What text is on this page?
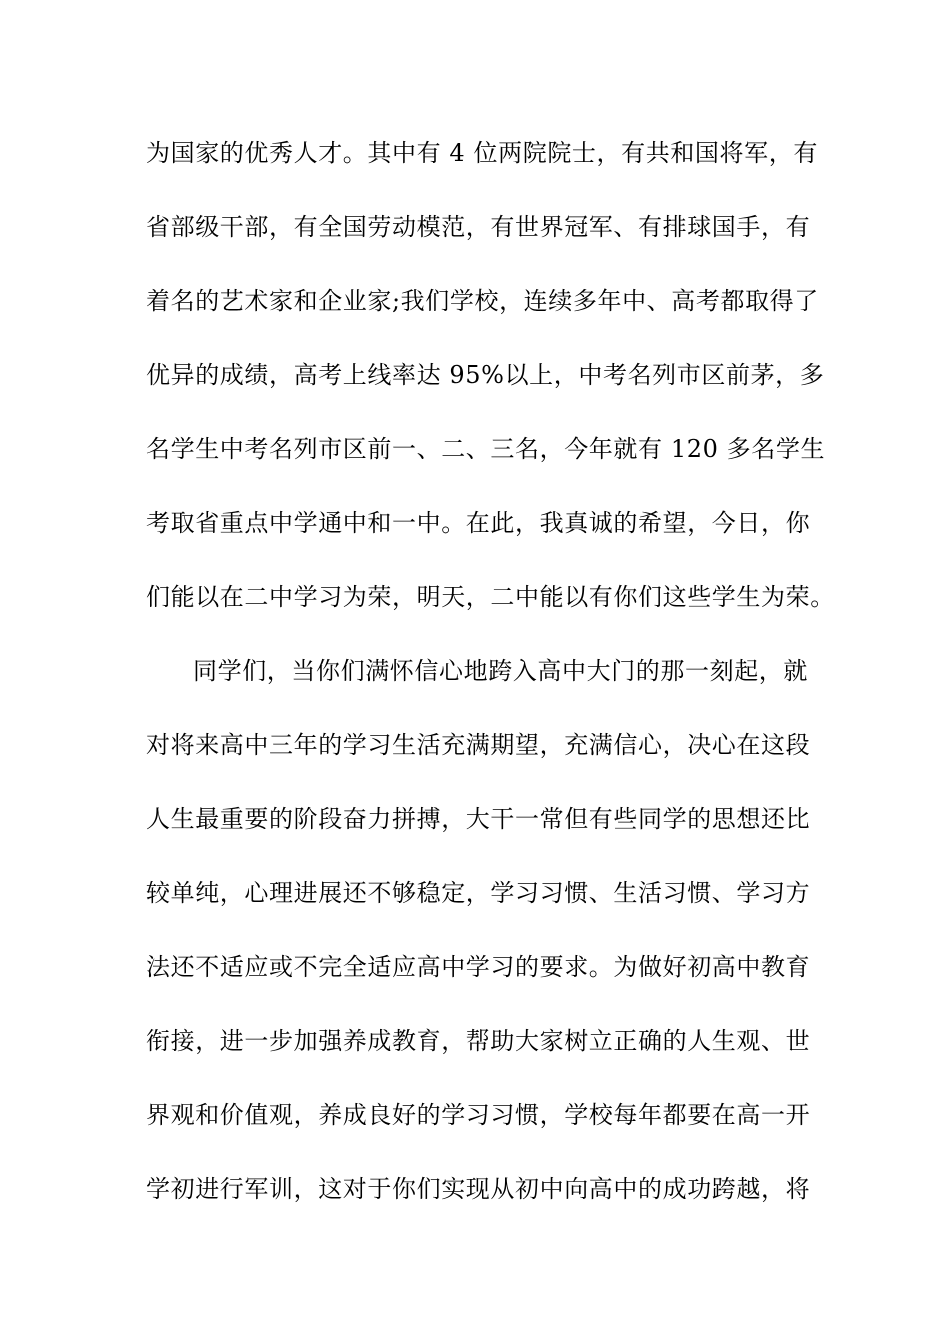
为国家的优秀人才。其中有 4 位两院院士，有共和国将军，有
省部级干部，有全国劳动模范，有世界冠军、有排球国手，有
着名的艺术家和企业家;我们学校，连续多年中、高考都取得了
优异的成绩，高考上线率达 95%以上，中考名列市区前茅，多
名学生中考名列市区前一、二、三名，今年就有 120 多名学生
考取省重点中学通中和一中。在此，我真诚的希望，今日，你
们能以在二中学习为荣，明天，二中能以有你们这些学生为荣。
同学们，当你们满怀信心地跨入高中大门的那一刻起，就
对将来高中三年的学习生活充满期望，充满信心，决心在这段
人生最重要的阶段奋力拼搏，大干一常但有些同学的思想还比
较单纯，心理进展还不够稳定，学习习惯、生活习惯、学习方
法还不适应或不完全适应高中学习的要求。为做好初高中教育
衔接，进一步加强养成教育，帮助大家树立正确的人生观、世
界观和价值观，养成良好的学习习惯，学校每年都要在高一开
学初进行军训，这对于你们实现从初中向高中的成功跨越，将
